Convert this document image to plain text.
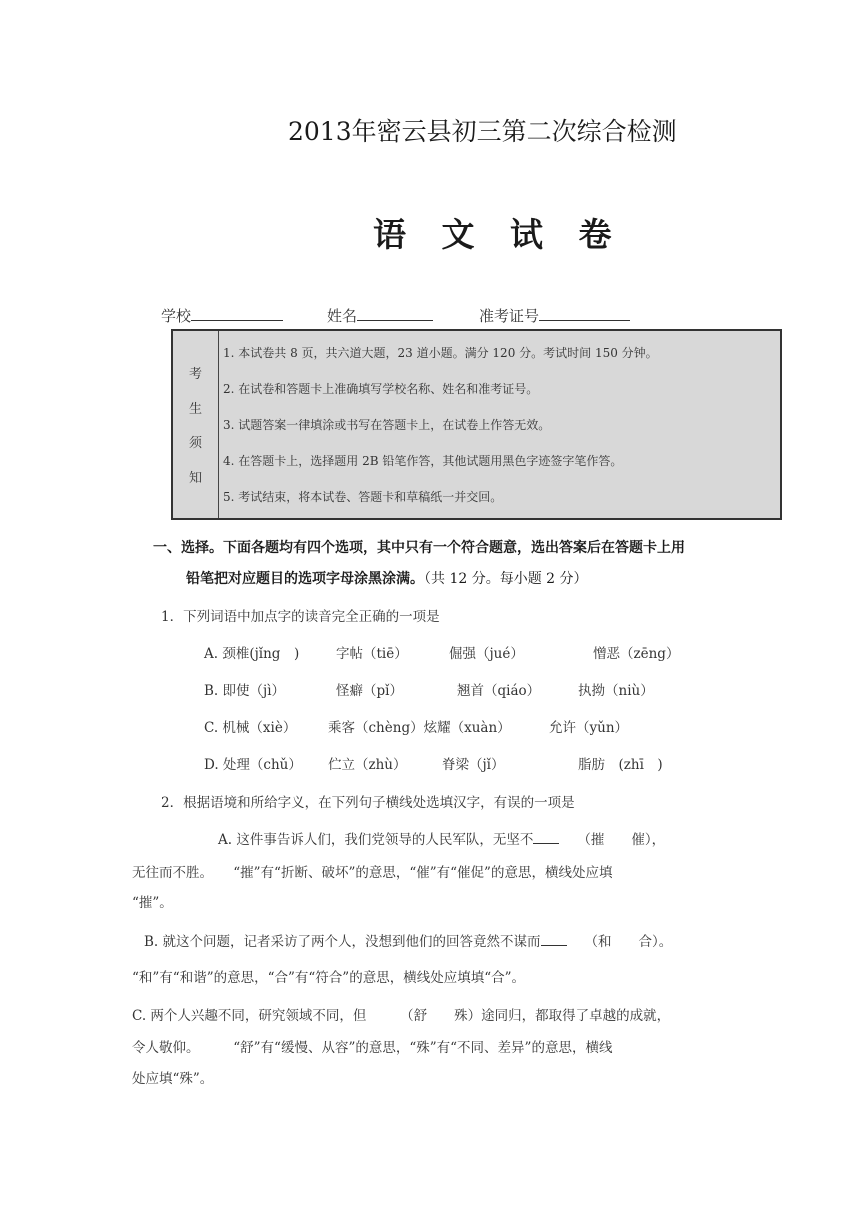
2013年密云县初三第二次综合检测
语 文 试 卷
学校	姓名	准考证号
考
生
须
知
1. 本试卷共 8 页，共六道大题，23 道小题。满分 120 分。考试时间 150 分钟。
2. 在试卷和答题卡上准确填写学校名称、姓名和准考证号。
3. 试题答案一律填涂或书写在答题卡上，在试卷上作答无效。
4. 在答题卡上，选择题用 2B 铅笔作答，其他试题用黑色字迹签字笔作答。
5. 考试结束，将本试卷、答题卡和草稿纸一并交回。
一、选择。下面各题均有四个选项，其中只有一个符合题意，选出答案后在答题卡上用
铅笔把对应题目的选项字母涂黑涂满。（共 12 分。每小题 2 分）
1．下列词语中加点字的读音完全正确的一项是
A. 颈椎(jǐng　)	字帖（tiē）	倔强（jué）	憎恶（zēng）
B. 即使（jì）	怪癖（pǐ）	翘首（qiáo）	执拗（niù）
C. 机械（xiè） 乘客（chèng）炫耀（xuàn）	允许（yǔn）
D. 处理（chǔ） 伫立（zhù）	脊梁（jǐ）	脂肪　(zhī　)
2．根据语境和所给字义，在下列句子横线处选填汉字，有误的一项是
A. 这件事告诉人们，我们党领导的人民军队，无坚不	（摧　　催），
无往而不胜。　　“摧”有“折断、破坏”的意思，“催”有“催促”的意思，横线处应填
“摧”。
B. 就这个问题，记者采访了两个人，没想到他们的回答竟然不谋而	（和　　合）。
“和”有“和谐”的意思，“合”有“符合”的意思，横线处应填填“合”。
C. 两个人兴趣不同，研究领域不同，但　　　（舒　　殊）途同归，都取得了卓越的成就，
令人敬仰。　　　“舒”有“缓慢、从容”的意思，“殊”有“不同、差异”的意思，横线
处应填“殊”。
